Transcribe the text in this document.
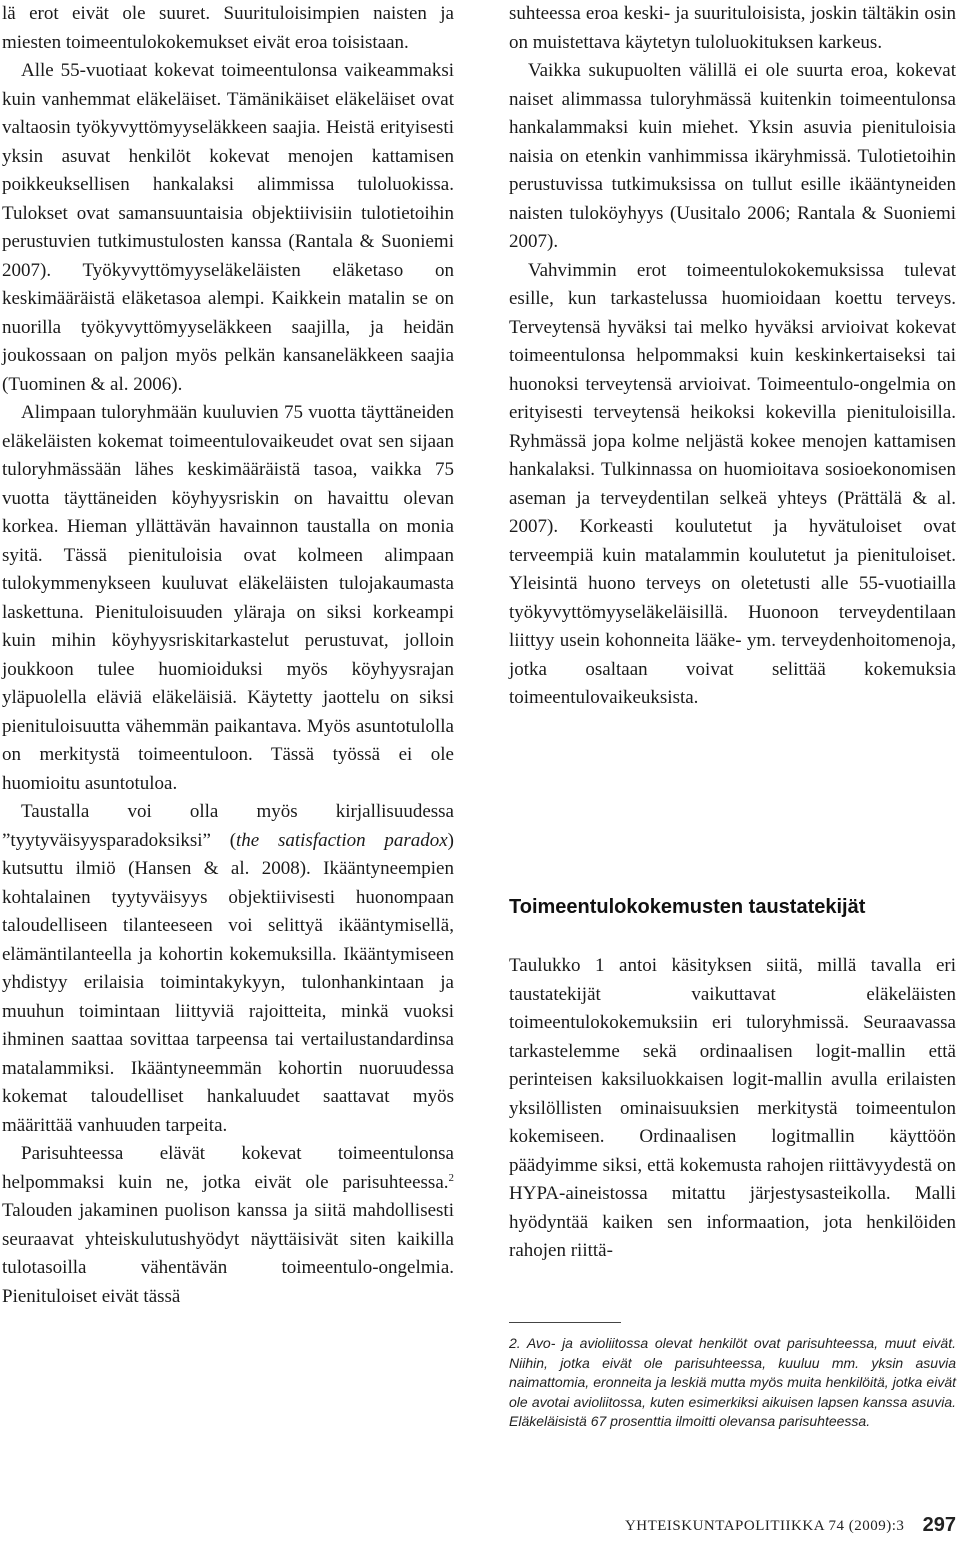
lä erot eivät ole suuret. Suurituloisimpien naisten ja miesten toimeentulokokemukset eivät eroa toisistaan.

Alle 55-vuotiaat kokevat toimeentulonsa vaikeammaksi kuin vanhemmat eläkeläiset. Tämänikäiset eläkeläiset ovat valtaosin työkyvyttömyyseläkkeen saajia. Heistä erityisesti yksin asuvat henkilöt kokevat menojen kattamisen poikkeuksellisen hankalaksi alimmissa tuloluokissa. Tulokset ovat samansuuntaisia objektiivisiin tulotietoihin perustuvien tutkimustulosten kanssa (Rantala & Suoniemi 2007). Työkyvyttömyyseläkeläisten eläketaso on keskimääräistä eläketasoa alempi. Kaikkein matalin se on nuorilla työkyvyttömyyseläkkeen saajilla, ja heidän joukossaan on paljon myös pelkän kansaneläkkeen saajia (Tuominen & al. 2006).

Alimpaan tuloryhmään kuuluvien 75 vuotta täyttäneiden eläkeläisten kokemat toimeentulovaikeudet ovat sen sijaan tuloryhmässään lähes keskimääräistä tasoa, vaikka 75 vuotta täyttäneiden köyhyysriskin on havaittu olevan korkea. Hieman yllättävän havainnon taustalla on monia syitä. Tässä pienituloisia ovat kolmeen alimpaan tulokymmenykseen kuuluvat eläkeläisten tulojakaumasta laskettuna. Pienituloisuuden yläraja on siksi korkeampi kuin mihin köyhyysriskitarkastelut perustuvat, jolloin joukkoon tulee huomioiduksi myös köyhyysrajan yläpuolella eläviä eläkeläisiä. Käytetty jaottelu on siksi pienituloisuutta vähemmän paikantava. Myös asuntotulolla on merkitystä toimeentuloon. Tässä työssä ei ole huomioitu asuntotuloa.

Taustalla voi olla myös kirjallisuudessa ”tyytyväisyysparadoksiksi” (the satisfaction paradox) kutsuttu ilmiö (Hansen & al. 2008). Ikääntyneempien kohtalainen tyytyväisyys objektiivisesti huonompaan taloudelliseen tilanteeseen voi selittyä ikääntymisellä, elämäntilanteella ja kohortin kokemuksilla. Ikääntymiseen yhdistyy erilaisia toimintakykyyn, tulonhankintaan ja muuhun toimintaan liittyviä rajoitteita, minkä vuoksi ihminen saattaa sovittaa tarpeensa tai vertailustandardinsa matalammiksi. Ikääntyneemmän kohortin nuoruudessa kokemat taloudelliset hankaluudet saattavat myös määrittää vanhuuden tarpeita.

Parisuhteessa elävät kokevat toimeentulonsa helpommaksi kuin ne, jotka eivät ole parisuhteessa.$^2$ Talouden jakaminen puolison kanssa ja siitä mahdollisesti seuraavat yhteiskulutushyödyt näyttäisivät siten kaikilla tulotasoilla vähentävän toimeentulo-ongelmia. Pienituloiset eivät tässä

suhteessa eroa keski- ja suurituloisista, joskin tältäkin osin on muistettava käytetyn tuloluokituksen karkeus.

Vaikka sukupuolten välillä ei ole suurta eroa, kokevat naiset alimmassa tuloryhmässä kuitenkin toimeentulonsa hankalammaksi kuin miehet. Yksin asuvia pienituloisia naisia on etenkin vanhimmissa ikäryhmissä. Tulotietoihin perustuvissa tutkimuksissa on tullut esille ikääntyneiden naisten tuloköyhyys (Uusitalo 2006; Rantala & Suoniemi 2007).

Vahvimmin erot toimeentulokokemuksissa tulevat esille, kun tarkastelussa huomioidaan koettu terveys. Terveytensä hyväksi tai melko hyväksi arvioivat kokevat toimeentulonsa helpommaksi kuin keskinkertaiseksi tai huonoksi terveytensä arvioivat. Toimeentulo-ongelmia on erityisesti terveytensä heikoksi kokevilla pienituloisilla. Ryhmässä jopa kolme neljästä kokee menojen kattamisen hankalaksi. Tulkinnassa on huomioitava sosioekonomisen aseman ja terveydentilan selkeä yhteys (Prättälä & al. 2007). Korkeasti koulutetut ja hyvätuloiset ovat terveempiä kuin matalammin koulutetut ja pienituloiset. Yleisintä huono terveys on oletetusti alle 55-vuotiailla työkyvyttömyyseläkeläisillä. Huonoon terveydentilaan liittyy usein kohonneita lääke- ym. terveydenhoitomenoja, jotka osaltaan voivat selittää kokemuksia toimeentulovaikeuksista.

Toimeentulokokemusten taustatekijät

Taulukko 1 antoi käsityksen siitä, millä tavalla eri taustatekijät vaikuttavat eläkeläisten toimeentulokokemuksiin eri tuloryhmissä. Seuraavassa tarkastelemme sekä ordinaalisen logit-mallin että perinteisen kaksiluokkaisen logit-mallin avulla erilaisten yksilöllisten ominaisuuksien merkitystä toimeentulon kokemiseen. Ordinaalisen logitmallin käyttöön päädyimme siksi, että kokemusta rahojen riittävyydestä on HYPA-aineistossa mitattu järjestysasteikolla. Malli hyödyntää kaiken sen informaation, jota henkilöiden rahojen riittä-

2. Avo- ja avioliitossa olevat henkilöt ovat parisuhteessa, muut eivät. Niihin, jotka eivät ole parisuhteessa, kuuluu mm. yksin asuvia naimattomia, eronneita ja leskiä mutta myös muita henkilöitä, jotka eivät ole avotai avioliitossa, kuten esimerkiksi aikuisen lapsen kanssa asuvia. Eläkeläisistä 67 prosenttia ilmoitti olevansa parisuhteessa.

YHTEISKUNTAPOLITIIKKA 74 (2009):3 297
